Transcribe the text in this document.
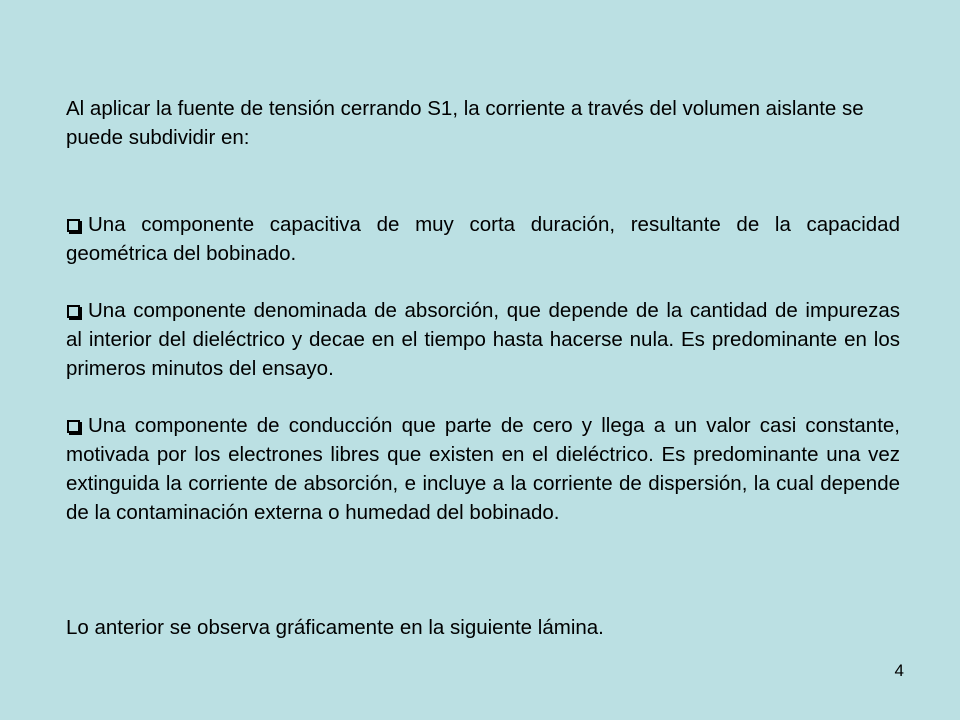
Al aplicar la fuente de tensión cerrando S1, la corriente a través del volumen aislante se puede subdividir en:

Una componente capacitiva de muy corta duración, resultante de la capacidad geométrica del bobinado.

Una componente denominada de absorción, que depende de la cantidad de impurezas al interior del dieléctrico y decae en el tiempo hasta hacerse nula. Es predominante en los primeros minutos del ensayo.

Una componente de conducción que parte de cero y llega a un valor casi constante, motivada por los electrones libres que existen en el dieléctrico. Es predominante una vez extinguida la corriente de absorción, e incluye a la corriente de dispersión, la cual depende de la contaminación externa o humedad del bobinado.

Lo anterior se observa gráficamente en la siguiente lámina.

4
